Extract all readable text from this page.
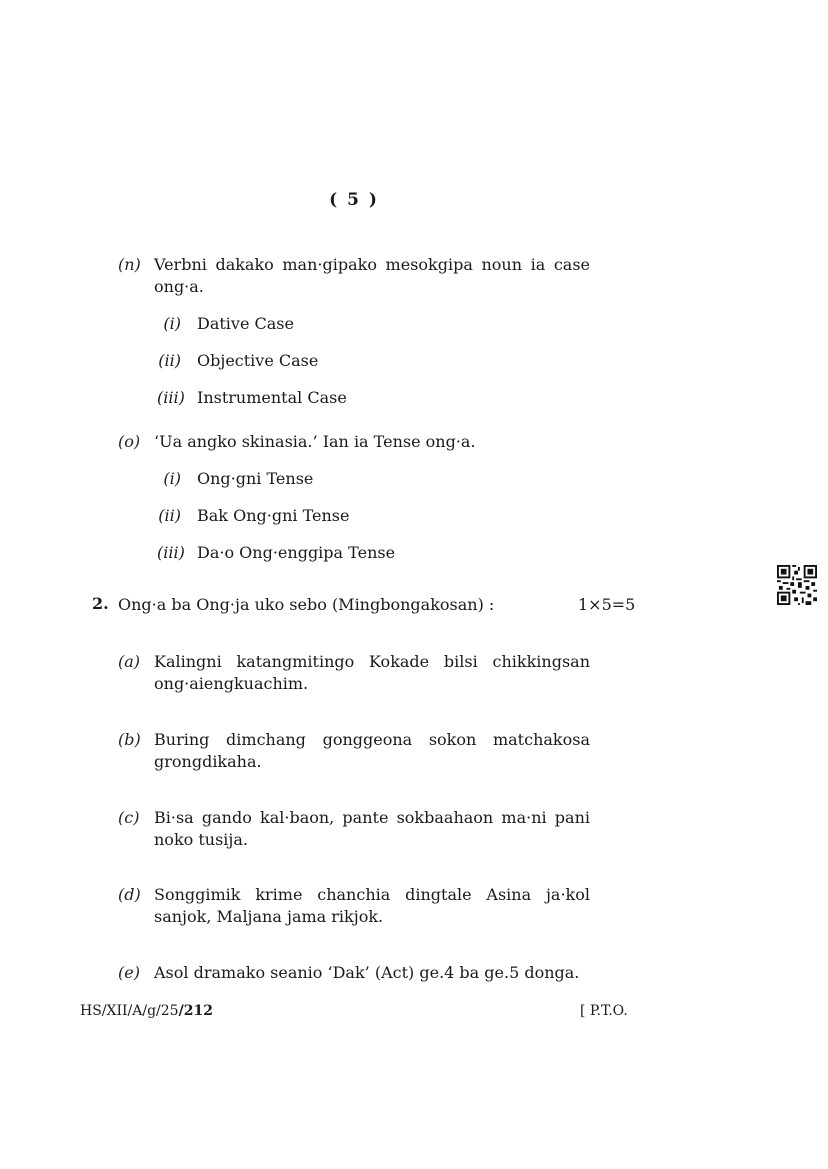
( 5 )
(n) Verbni dakako man·gipako mesokgipa noun ia case ong·a.
(i) Dative Case
(ii) Objective Case
(iii) Instrumental Case
(o) ‘Ua angko skinasia.’ Ian ia Tense ong·a.
(i) Ong·gni Tense
(ii) Bak Ong·gni Tense
(iii) Da·o Ong·enggipa Tense
2. Ong·a ba Ong·ja uko sebo (Mingbongakosan) :	1×5=5
(a) Kalingni katangmitingo Kokade bilsi chikkingsan ong·aiengkuachim.
(b) Buring dimchang gonggeona sokon matchakosa grongdikaha.
(c) Bi·sa gando kal·baon, pante sokbaahaon ma·ni pani noko tusija.
(d) Songgimik krime chanchia dingtale Asina ja·kol sanjok, Maljana jama rikjok.
(e) Asol dramako seanio ‘Dak’ (Act) ge.4 ba ge.5 donga.
HS/XII/A/g/25/212	[ P.T.O.
